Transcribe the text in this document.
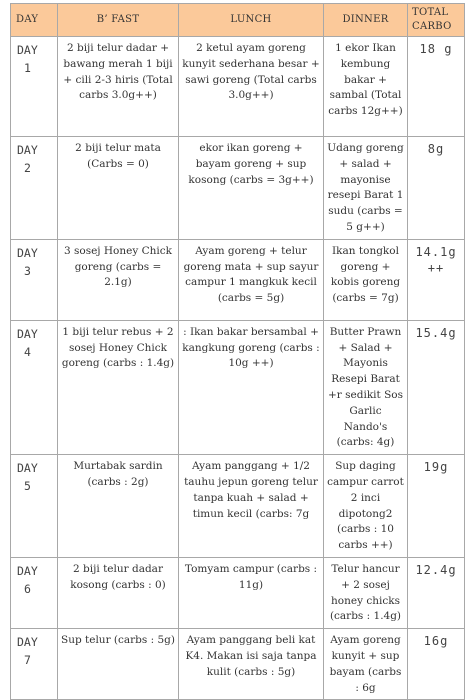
DAY	B’ FAST	LUNCH	DINNER	TOTAL
CARBO

DAY
1	2 biji telur dadar + bawang merah 1 biji + cili 2-3 hiris (Total carbs 3.0g++)	2 ketul ayam goreng kunyit sederhana besar + sawi goreng (Total carbs 3.0g++)	1 ekor Ikan kembung bakar + sambal (Total carbs 12g++)	18 g

DAY
2	2 biji telur mata (Carbs = 0)	ekor ikan goreng + bayam goreng + sup kosong (carbs = 3g++)	Udang goreng + salad + mayonise resepi Barat 1 sudu (carbs = 5 g++)	8g

DAY
3	3 sosej Honey Chick goreng (carbs = 2.1g)	Ayam goreng + telur goreng mata + sup sayur campur 1 mangkuk kecil (carbs = 5g)	Ikan tongkol goreng + kobis goreng (carbs = 7g)	14.1g ++

DAY
4	1 biji telur rebus + 2 sosej Honey Chick goreng (carbs : 1.4g)	: Ikan bakar bersambal + kangkung goreng (carbs : 10g ++)	Butter Prawn + Salad + Mayonis Resepi Barat +r sedikit Sos Garlic Nando's (carbs: 4g)	15.4g

DAY
5	Murtabak sardin (carbs : 2g)	Ayam panggang + 1/2 tauhu jepun goreng telur tanpa kuah + salad + timun kecil (carbs: 7g	Sup daging campur carrot 2 inci dipotong2 (carbs : 10 carbs ++)	19g

DAY
6	2 biji telur dadar kosong (carbs : 0)	Tomyam campur (carbs : 11g)	Telur hancur + 2 sosej honey chicks (carbs : 1.4g)	12.4g

DAY
7	Sup telur (carbs : 5g)	Ayam panggang beli kat K4. Makan isi saja tanpa kulit (carbs : 5g)	Ayam goreng kunyit + sup bayam (carbs : 6g	16g
